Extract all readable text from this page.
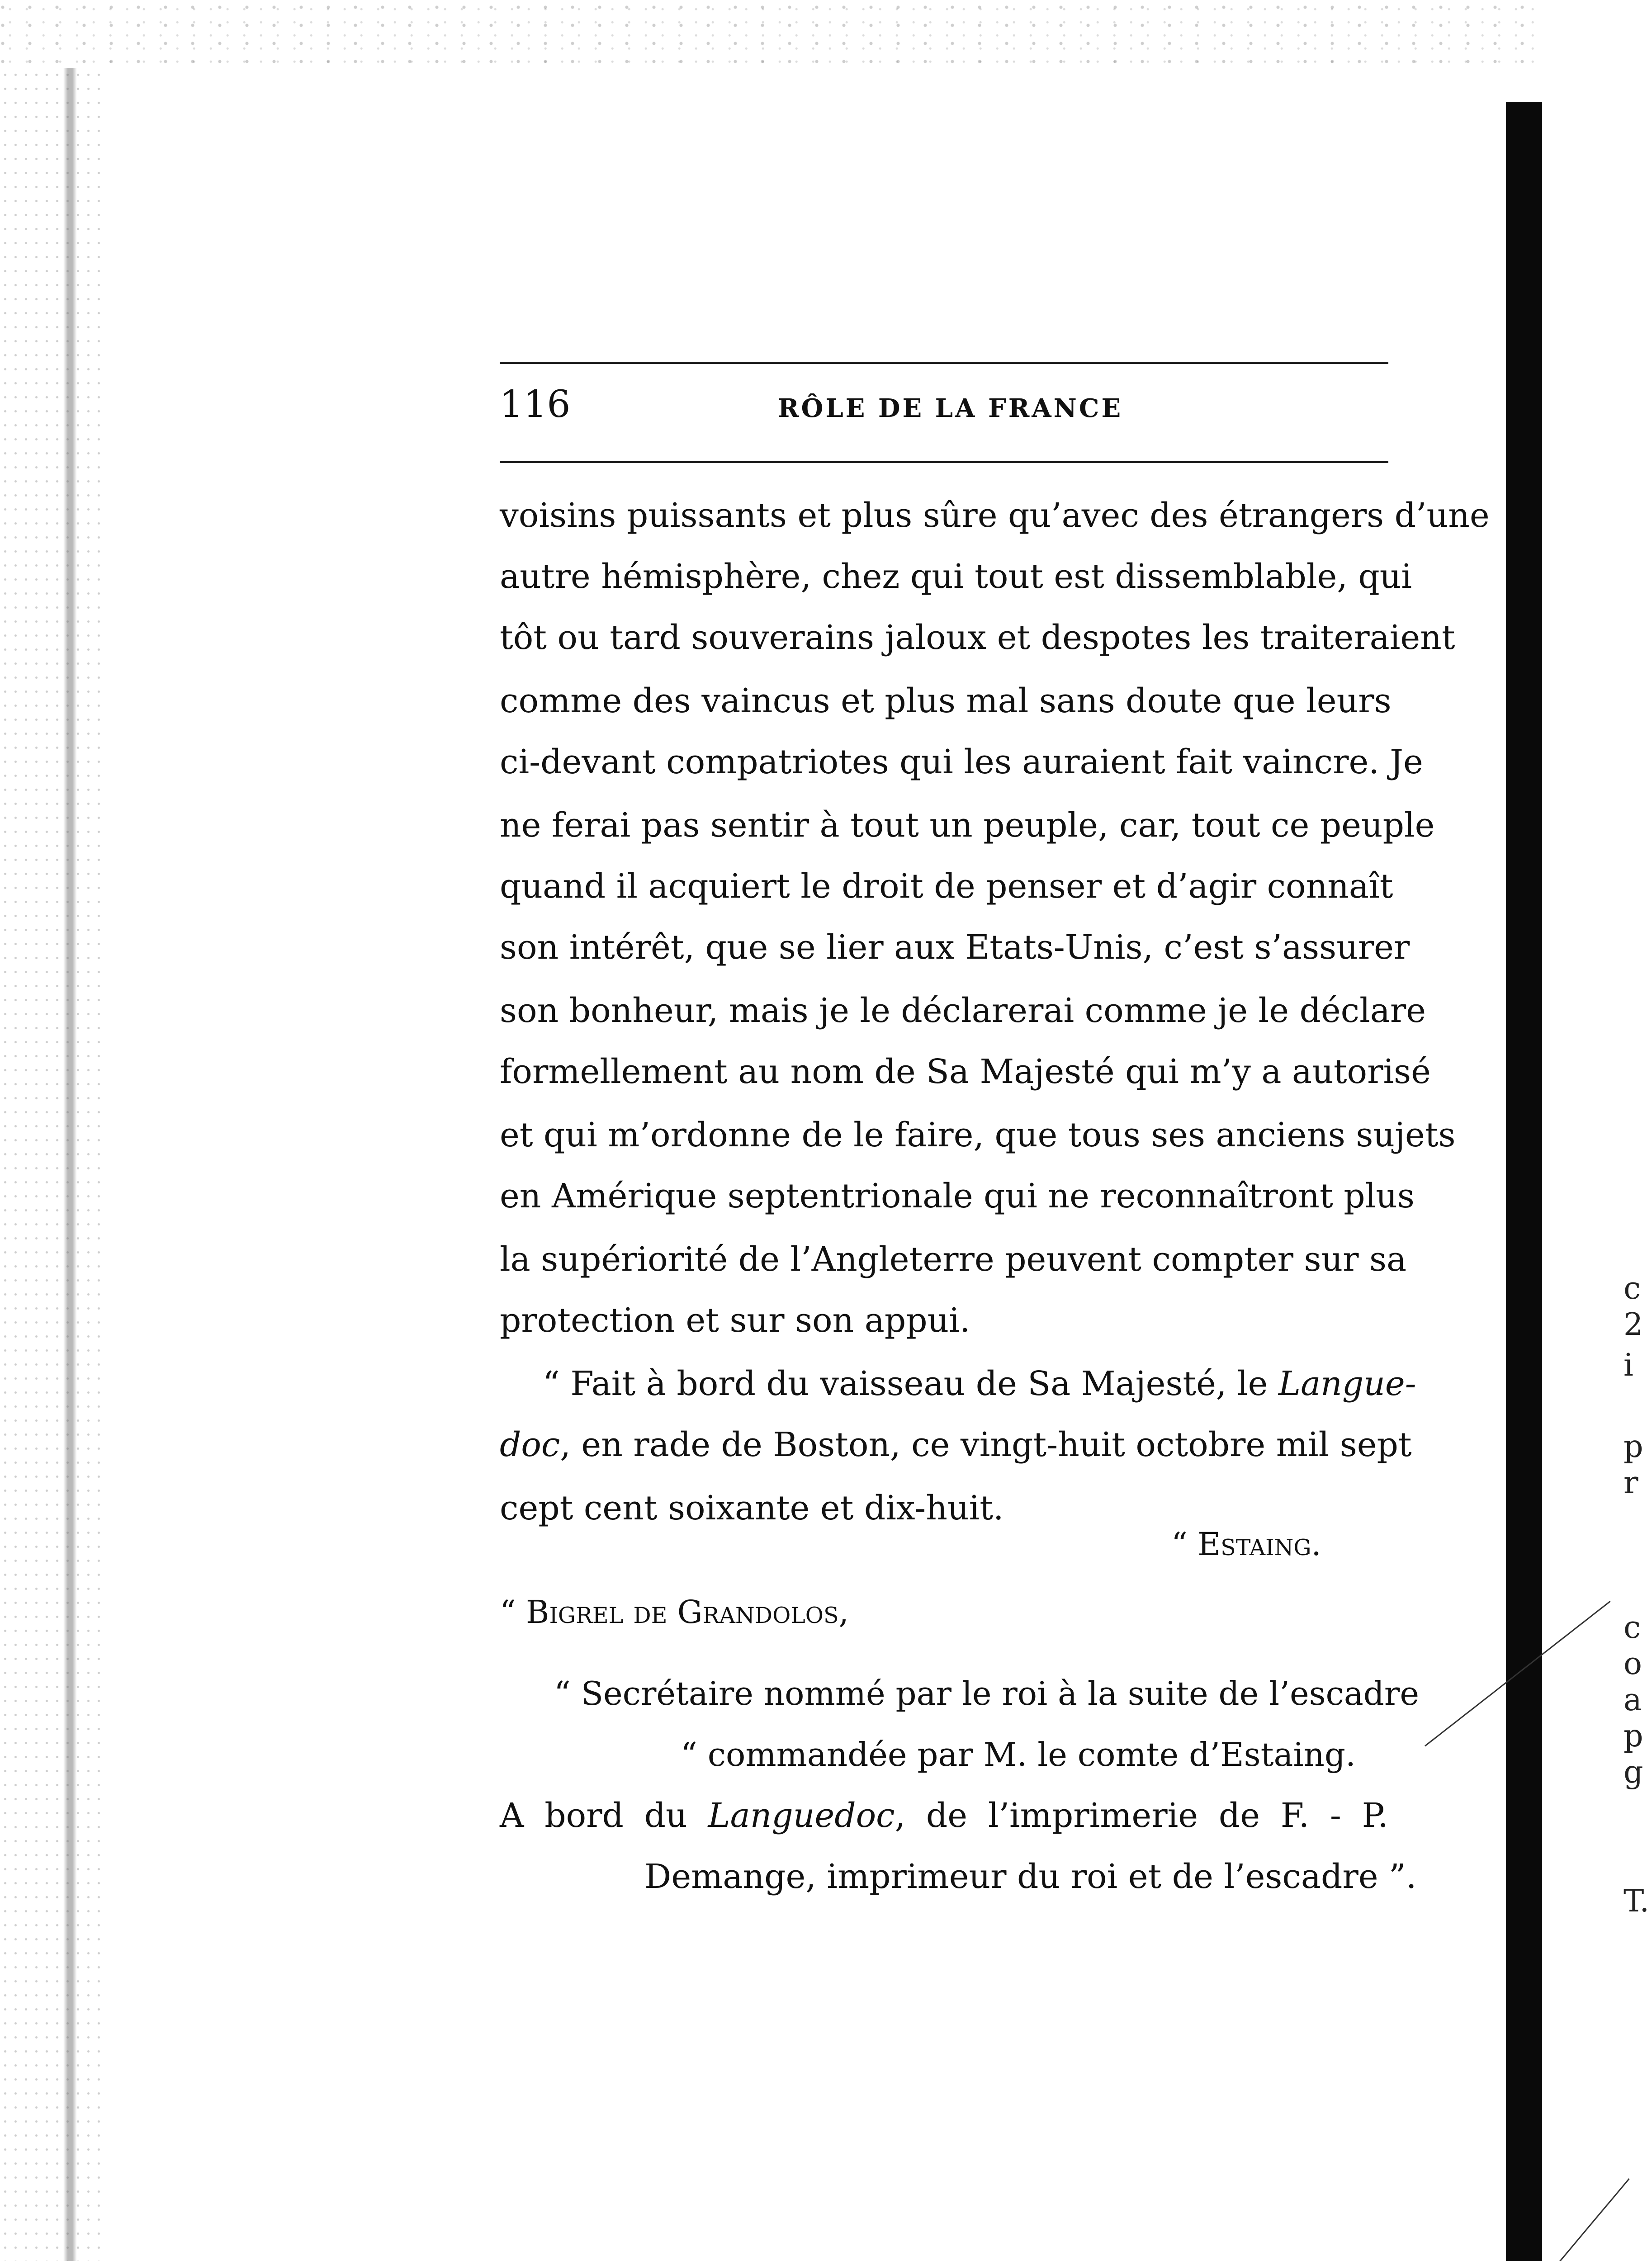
c
2
i
p
r
c
o
a
p
g
T.
116	RÔLE DE LA FRANCE
voisins puissants et plus sûre qu’avec des étrangers d’une
autre hémisphère, chez qui tout est dissemblable, qui
tôt ou tard souverains jaloux et despotes les traiteraient
comme des vaincus et plus mal sans doute que leurs
ci-devant compatriotes qui les auraient fait vaincre. Je
ne ferai pas sentir à tout un peuple, car, tout ce peuple
quand il acquiert le droit de penser et d’agir connaît
son intérêt, que se lier aux Etats-Unis, c’est s’assurer
son bonheur, mais je le déclarerai comme je le déclare
formellement au nom de Sa Majesté qui m’y a autorisé
et qui m’ordonne de le faire, que tous ses anciens sujets
en Amérique septentrionale qui ne reconnaîtront plus
la supériorité de l’Angleterre peuvent compter sur sa
protection et sur son appui.
“ Fait à bord du vaisseau de Sa Majesté, le Langue-
doc, en rade de Boston, ce vingt-huit octobre mil sept
cept cent soixante et dix-huit.
“ Estaing.
“ Bigrel de Grandolos,
“ Secrétaire nommé par le roi à la suite de l’escadre
“ commandée par M. le comte d’Estaing.
A bord du Languedoc, de l’imprimerie de F. - P.
Demange, imprimeur du roi et de l’escadre ”.
